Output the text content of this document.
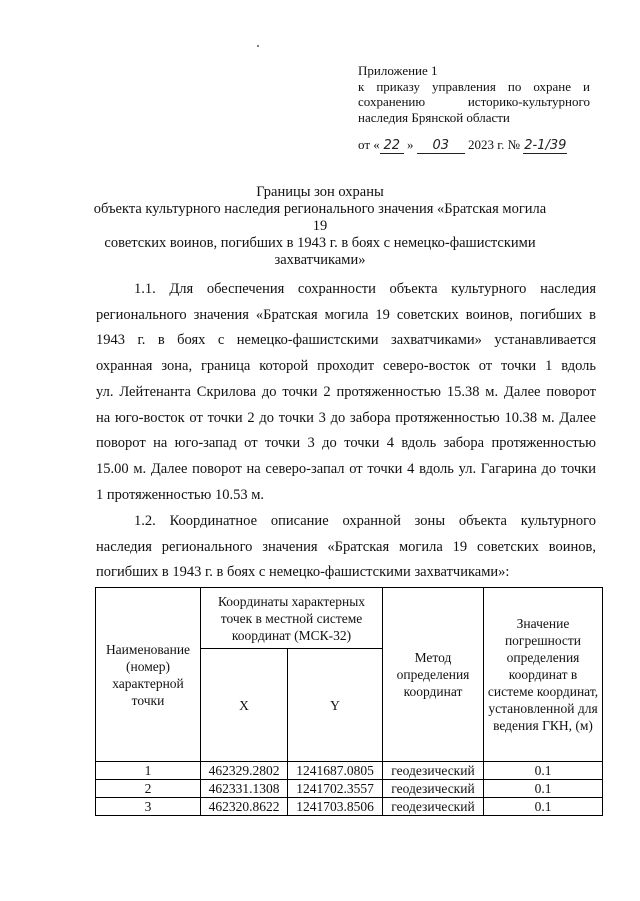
Приложение 1
к приказу управления по охране и
сохранению историко-культурного
наследия Брянской области
от « 22 » 03 2023 г. № 2-1/39
Границы зон охраны
объекта культурного наследия регионального значения «Братская могила 19
советских воинов, погибших в 1943 г. в боях с немецко-фашистскими
захватчиками»
1.1. Для обеспечения сохранности объекта культурного наследия
регионального значения «Братская могила 19 советских воинов, погибших в
1943 г. в боях с немецко-фашистскими захватчиками» устанавливается
охранная зона, граница которой проходит северо-восток от точки 1 вдоль
ул. Лейтенанта Скрилова до точки 2 протяженностью 15.38 м. Далее поворот
на юго-восток от точки 2 до точки 3 до забора протяженностью 10.38 м. Далее
поворот на юго-запад от точки 3 до точки 4 вдоль забора протяженностью
15.00 м. Далее поворот на северо-запал от точки 4 вдоль ул. Гагарина до точки
1 протяженностью 10.53 м.
1.2. Координатное описание охранной зоны объекта культурного
наследия регионального значения «Братская могила 19 советских воинов,
погибших в 1943 г. в боях с немецко-фашистскими захватчиками»:
Наименование (номер) характерной точки	Координаты характерных точек в местной системе координат (МСК-32)		Метод определения координат	Значение погрешности определения координат в системе координат, установленной для ведения ГКН, (м)
	X	Y		
1	462329.2802	1241687.0805	геодезический	0.1
2	462331.1308	1241702.3557	геодезический	0.1
3	462320.8622	1241703.8506	геодезический	0.1
